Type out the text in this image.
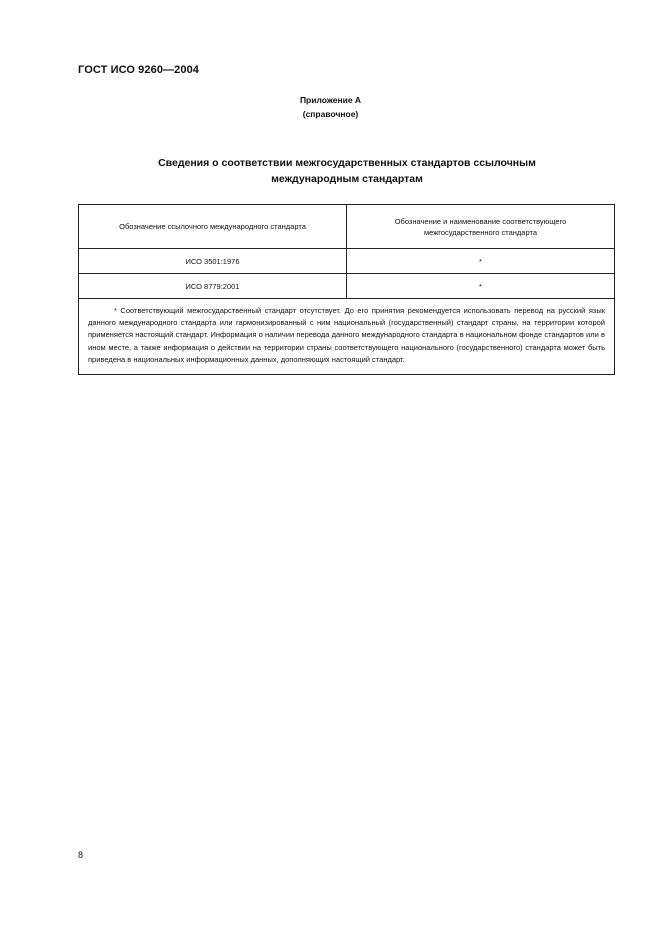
ГОСТ ИСО 9260—2004
Приложение А
(справочное)
Сведения о соответствии межгосударственных стандартов ссылочным
международным стандартам
Обозначение ссылочного международного стандарта	Обозначение и наименование соответствующего
межгосударственного стандарта
ИСО 3501:1976	*
ИСО 8779:2001	*
* Соответствующий межгосударственный стандарт отсутствует. До его принятия рекомендуется использовать перевод на русский язык данного международного стандарта или гармонизированный с ним национальный (государственный) стандарт страны, на территории которой применяется настоящий стандарт. Информация о наличии перевода данного международного стандарта в национальном фонде стандартов или в ином месте, а также информация о действии на территории страны соответствующего национального (государственного) стандарта может быть приведена в национальных информационных данных, дополняющих настоящий стандарт.	
8
